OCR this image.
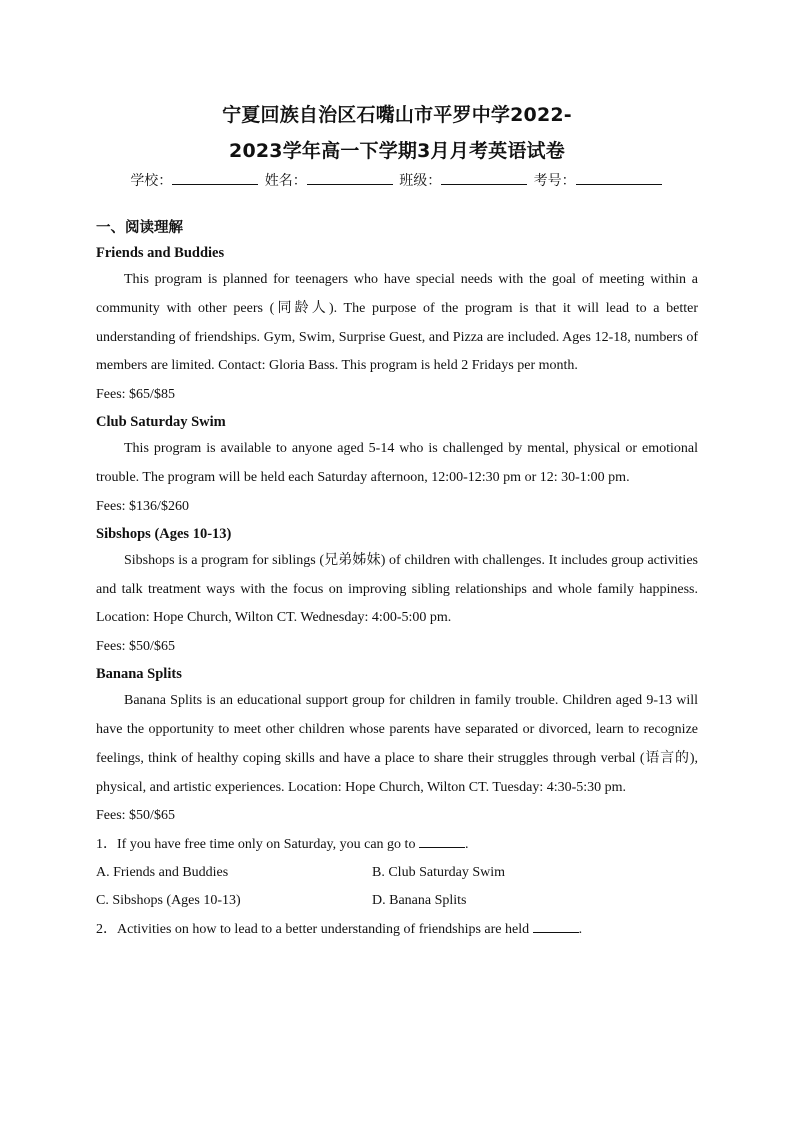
宁夏回族自治区石嘴山市平罗中学2022-
2023学年高一下学期3月月考英语试卷
学校：	姓名：	班级：	考号：
一、阅读理解
Friends and Buddies

This program is planned for teenagers who have special needs with the goal of meeting within a community with other peers (同龄人). The purpose of the program is that it will lead to a better understanding of friendships. Gym, Swim, Surprise Guest, and Pizza are included. Ages 12-18, numbers of members are limited. Contact: Gloria Bass. This program is held 2 Fridays per month.

Fees: $65/$85
Club Saturday Swim

This program is available to anyone aged 5-14 who is challenged by mental, physical or emotional trouble. The program will be held each Saturday afternoon, 12:00-12:30 pm or 12: 30-1:00 pm.

Fees: $136/$260
Sibshops (Ages 10-13)

Sibshops is a program for siblings (兄弟姊妹) of children with challenges. It includes group activities and talk treatment ways with the focus on improving sibling relationships and whole family happiness. Location: Hope Church, Wilton CT. Wednesday: 4:00-5:00 pm.

Fees: $50/$65
Banana Splits

Banana Splits is an educational support group for children in family trouble. Children aged 9-13 will have the opportunity to meet other children whose parents have separated or divorced, learn to recognize feelings, think of healthy coping skills and have a place to share their struggles through verbal (语言的), physical, and artistic experiences. Location: Hope Church, Wilton CT. Tuesday: 4:30-5:30 pm.

Fees: $50/$65
1．If you have free time only on Saturday, you can go to	.
A. Friends and Buddies	B. Club Saturday Swim
C. Sibshops (Ages 10-13)	D. Banana Splits
2．Activities on how to lead to a better understanding of friendships are held	.
